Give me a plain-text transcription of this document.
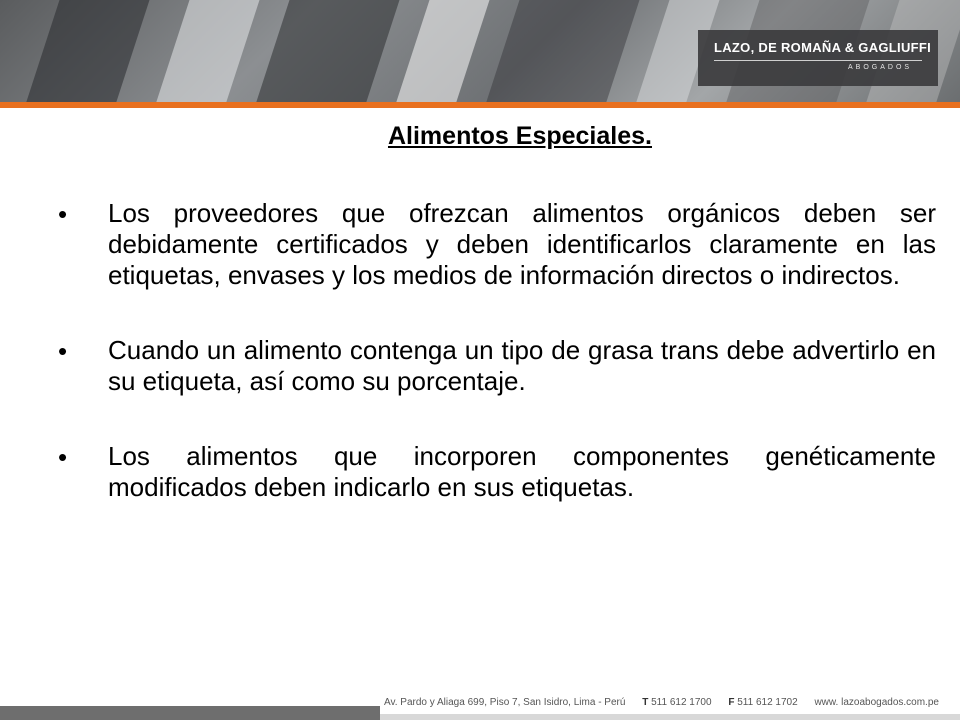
LAZO, DE ROMAÑA & GAGLIUFFI
ABOGADOS
Alimentos Especiales.
• Los proveedores que ofrezcan alimentos orgánicos deben ser debidamente certificados y deben identificarlos claramente en las etiquetas, envases y los medios de información directos o indirectos.
• Cuando un alimento contenga un tipo de grasa trans debe advertirlo en su etiqueta, así como su porcentaje.
• Los alimentos que incorporen componentes genéticamente modificados deben indicarlo en sus etiquetas.
Av. Pardo y Aliaga 699, Piso 7, San Isidro, Lima - Perú T 511 612 1700 F 511 612 1702 www. lazoabogados.com.pe
